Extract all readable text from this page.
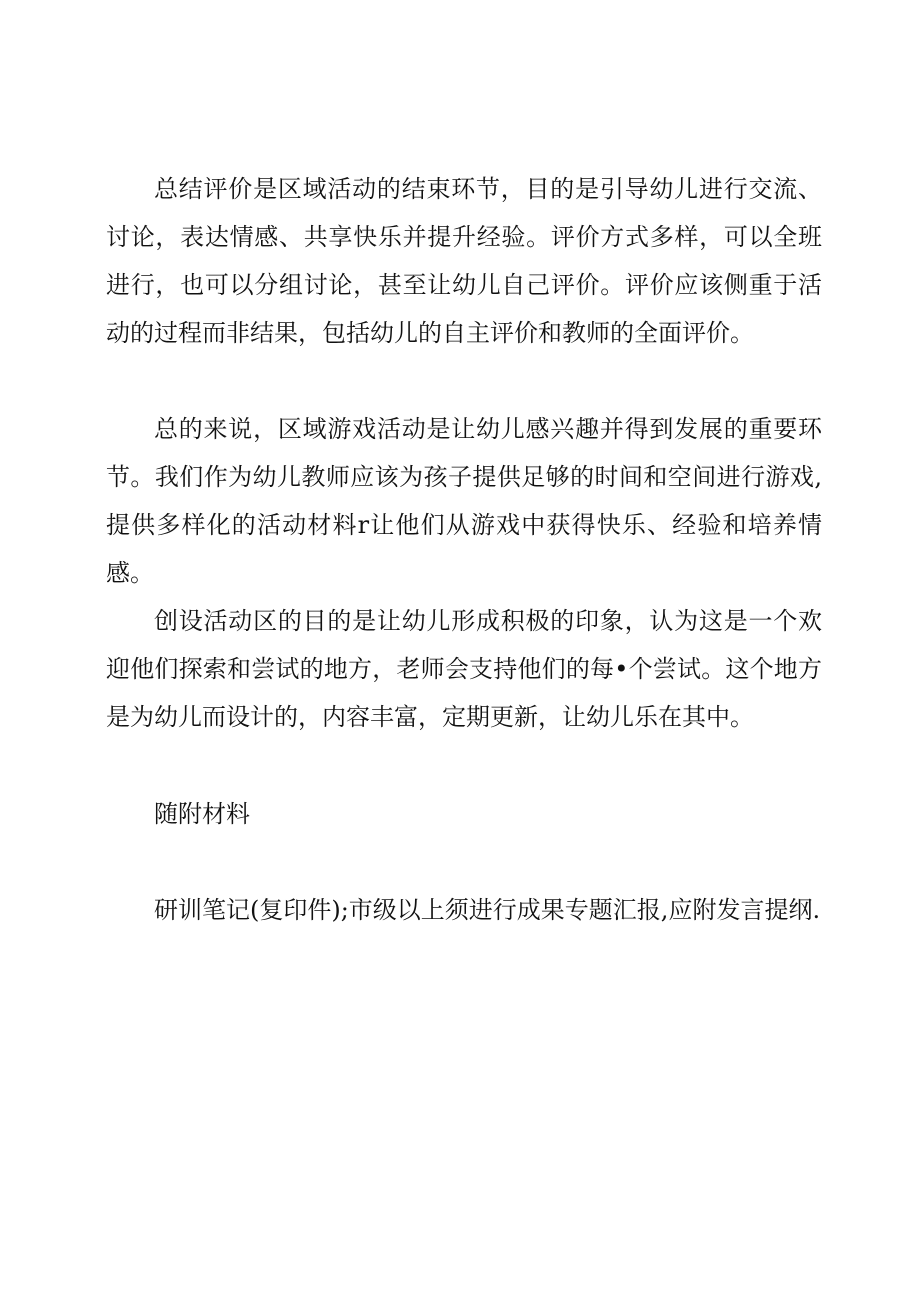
总结评价是区域活动的结束环节，目的是引导幼儿进行交流、讨论，表达情感、共享快乐并提升经验。评价方式多样，可以全班进行，也可以分组讨论，甚至让幼儿自己评价。评价应该侧重于活动的过程而非结果，包括幼儿的自主评价和教师的全面评价。

总的来说，区域游戏活动是让幼儿感兴趣并得到发展的重要环节。我们作为幼儿教师应该为孩子提供足够的时间和空间进行游戏,提供多样化的活动材料r让他们从游戏中获得快乐、经验和培养情感。

创设活动区的目的是让幼儿形成积极的印象，认为这是一个欢迎他们探索和尝试的地方，老师会支持他们的每•个尝试。这个地方是为幼儿而设计的，内容丰富，定期更新，让幼儿乐在其中。

随附材料

研训笔记(复印件);市级以上须进行成果专题汇报,应附发言提纲.
